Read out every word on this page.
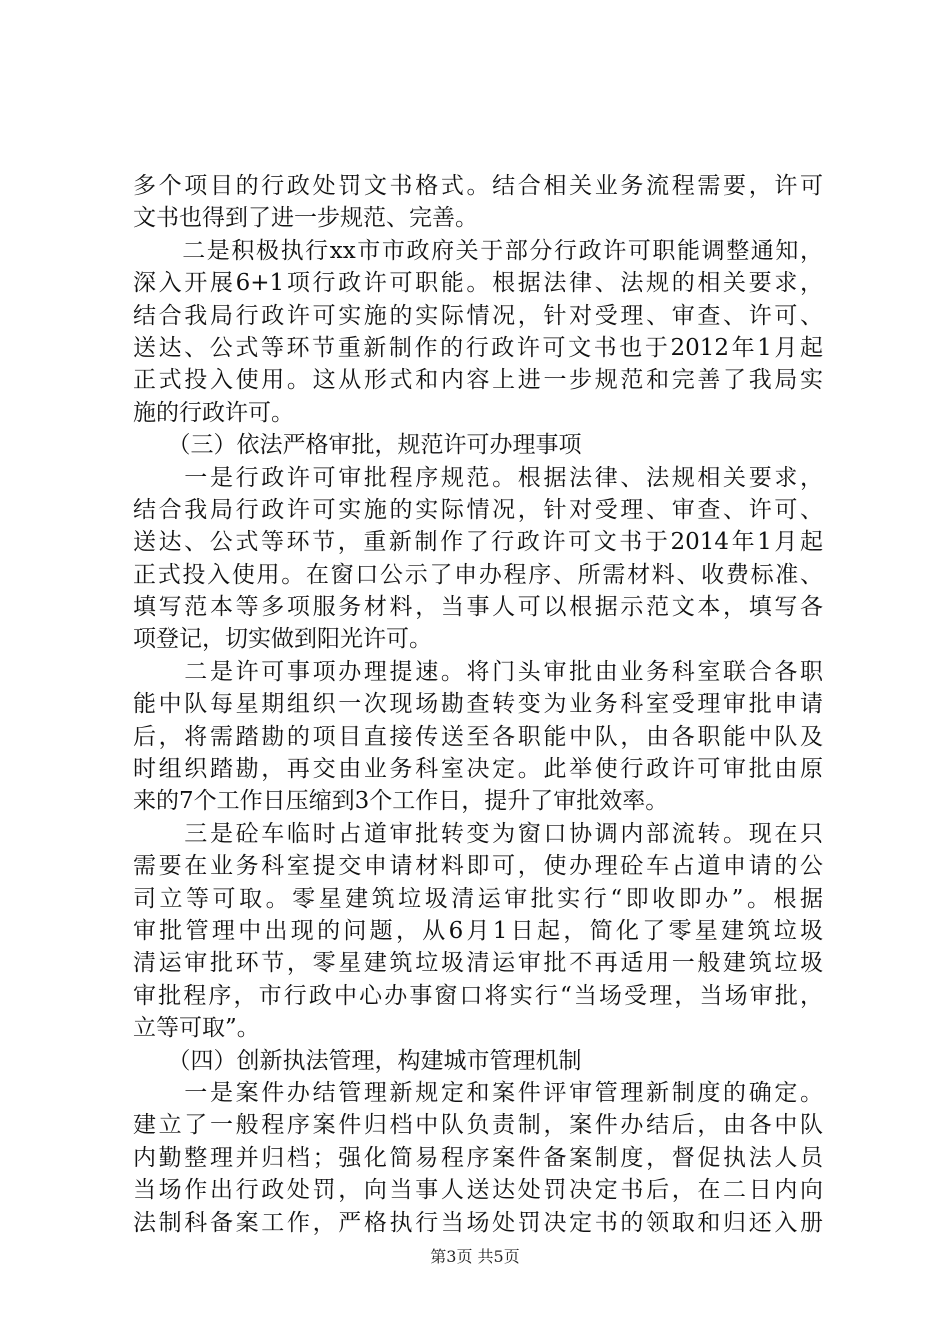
多个项目的行政处罚文书格式。结合相关业务流程需要，许可
文书也得到了进一步规范、完善。
　　二是积极执行xx市市政府关于部分行政许可职能调整通知，
深入开展6+1项行政许可职能。根据法律、法规的相关要求，
结合我局行政许可实施的实际情况，针对受理、审查、许可、
送达、公式等环节重新制作的行政许可文书也于2012年1月起
正式投入使用。这从形式和内容上进一步规范和完善了我局实
施的行政许可。
　　（三）依法严格审批，规范许可办理事项
　　一是行政许可审批程序规范。根据法律、法规相关要求，
结合我局行政许可实施的实际情况，针对受理、审查、许可、
送达、公式等环节，重新制作了行政许可文书于2014年1月起
正式投入使用。在窗口公示了申办程序、所需材料、收费标准、
填写范本等多项服务材料，当事人可以根据示范文本，填写各
项登记，切实做到阳光许可。
　　二是许可事项办理提速。将门头审批由业务科室联合各职
能中队每星期组织一次现场勘查转变为业务科室受理审批申请
后，将需踏勘的项目直接传送至各职能中队，由各职能中队及
时组织踏勘，再交由业务科室决定。此举使行政许可审批由原
来的7个工作日压缩到3个工作日，提升了审批效率。
　　三是砼车临时占道审批转变为窗口协调内部流转。现在只
需要在业务科室提交申请材料即可，使办理砼车占道申请的公
司立等可取。零星建筑垃圾清运审批实行“即收即办”。根据
审批管理中出现的问题，从6月1日起，简化了零星建筑垃圾
清运审批环节，零星建筑垃圾清运审批不再适用一般建筑垃圾
审批程序，市行政中心办事窗口将实行“当场受理，当场审批，
立等可取”。
　　（四）创新执法管理，构建城市管理机制
　　一是案件办结管理新规定和案件评审管理新制度的确定。
建立了一般程序案件归档中队负责制，案件办结后，由各中队
内勤整理并归档；强化简易程序案件备案制度，督促执法人员
当场作出行政处罚，向当事人送达处罚决定书后，在二日内向
法制科备案工作，严格执行当场处罚决定书的领取和归还入册
第3页 共5页
